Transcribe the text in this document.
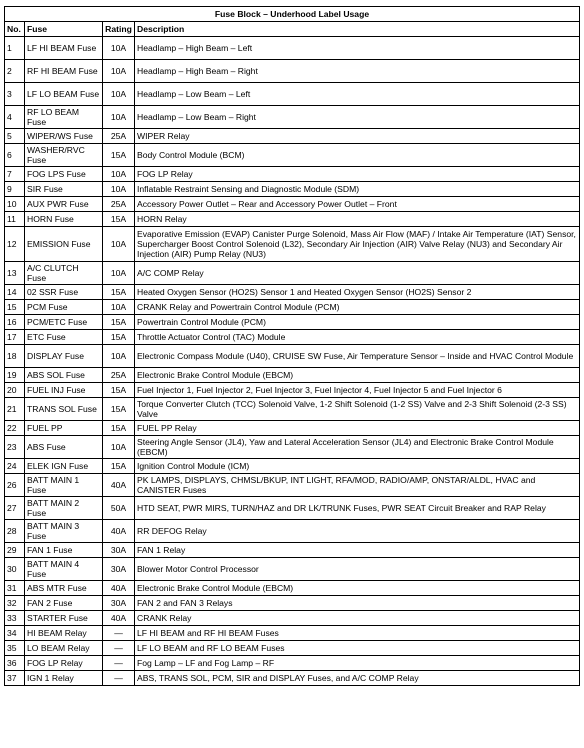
Fuse Block – Underhood Label Usage			
No.	Fuse	Rating	Description
1	LF HI BEAM Fuse	10A	Headlamp – High Beam – Left
2	RF HI BEAM Fuse	10A	Headlamp – High Beam – Right
3	LF LO BEAM Fuse	10A	Headlamp – Low Beam – Left
4	RF LO BEAM Fuse	10A	Headlamp – Low Beam – Right
5	WIPER/WS Fuse	25A	WIPER Relay
6	WASHER/RVC Fuse	15A	Body Control Module (BCM)
7	FOG LPS Fuse	10A	FOG LP Relay
9	SIR Fuse	10A	Inflatable Restraint Sensing and Diagnostic Module (SDM)
10	AUX PWR Fuse	25A	Accessory Power Outlet – Rear and Accessory Power Outlet – Front
11	HORN Fuse	15A	HORN Relay
12	EMISSION Fuse	10A	Evaporative Emission (EVAP) Canister Purge Solenoid, Mass Air Flow (MAF) / Intake Air Temperature (IAT) Sensor, Supercharger Boost Control Solenoid (L32), Secondary Air Injection (AIR) Valve Relay (NU3) and Secondary Air Injection (AIR) Pump Relay (NU3)
13	A/C CLUTCH Fuse	10A	A/C COMP Relay
14	02 SSR Fuse	15A	Heated Oxygen Sensor (HO2S) Sensor 1 and Heated Oxygen Sensor (HO2S) Sensor 2
15	PCM Fuse	10A	CRANK Relay and Powertrain Control Module (PCM)
16	PCM/ETC Fuse	15A	Powertrain Control Module (PCM)
17	ETC Fuse	15A	Throttle Actuator Control (TAC) Module
18	DISPLAY Fuse	10A	Electronic Compass Module (U40), CRUISE SW Fuse, Air Temperature Sensor – Inside and HVAC Control Module
19	ABS SOL Fuse	25A	Electronic Brake Control Module (EBCM)
20	FUEL INJ Fuse	15A	Fuel Injector 1, Fuel Injector 2, Fuel Injector 3, Fuel Injector 4, Fuel Injector 5 and Fuel Injector 6
21	TRANS SOL Fuse	15A	Torque Converter Clutch (TCC) Solenoid Valve, 1-2 Shift Solenoid (1-2 SS) Valve and 2-3 Shift Solenoid (2-3 SS) Valve
22	FUEL PP	15A	FUEL PP Relay
23	ABS Fuse	10A	Steering Angle Sensor (JL4), Yaw and Lateral Acceleration Sensor (JL4) and Electronic Brake Control Module (EBCM)
24	ELEK IGN Fuse	15A	Ignition Control Module (ICM)
26	BATT MAIN 1 Fuse	40A	PK LAMPS, DISPLAYS, CHMSL/BKUP, INT LIGHT, RFA/MOD, RADIO/AMP, ONSTAR/ALDL, HVAC and CANISTER Fuses
27	BATT MAIN 2 Fuse	50A	HTD SEAT, PWR MIRS, TURN/HAZ and DR LK/TRUNK Fuses, PWR SEAT Circuit Breaker and RAP Relay
28	BATT MAIN 3 Fuse	40A	RR DEFOG Relay
29	FAN 1 Fuse	30A	FAN 1 Relay
30	BATT MAIN 4 Fuse	30A	Blower Motor Control Processor
31	ABS MTR Fuse	40A	Electronic Brake Control Module (EBCM)
32	FAN 2 Fuse	30A	FAN 2 and FAN 3 Relays
33	STARTER Fuse	40A	CRANK Relay
34	HI BEAM Relay	—	LF HI BEAM and RF HI BEAM Fuses
35	LO BEAM Relay	—	LF LO BEAM and RF LO BEAM Fuses
36	FOG LP Relay	—	Fog Lamp – LF and Fog Lamp – RF
37	IGN 1 Relay	—	ABS, TRANS SOL, PCM, SIR and DISPLAY Fuses, and A/C COMP Relay
